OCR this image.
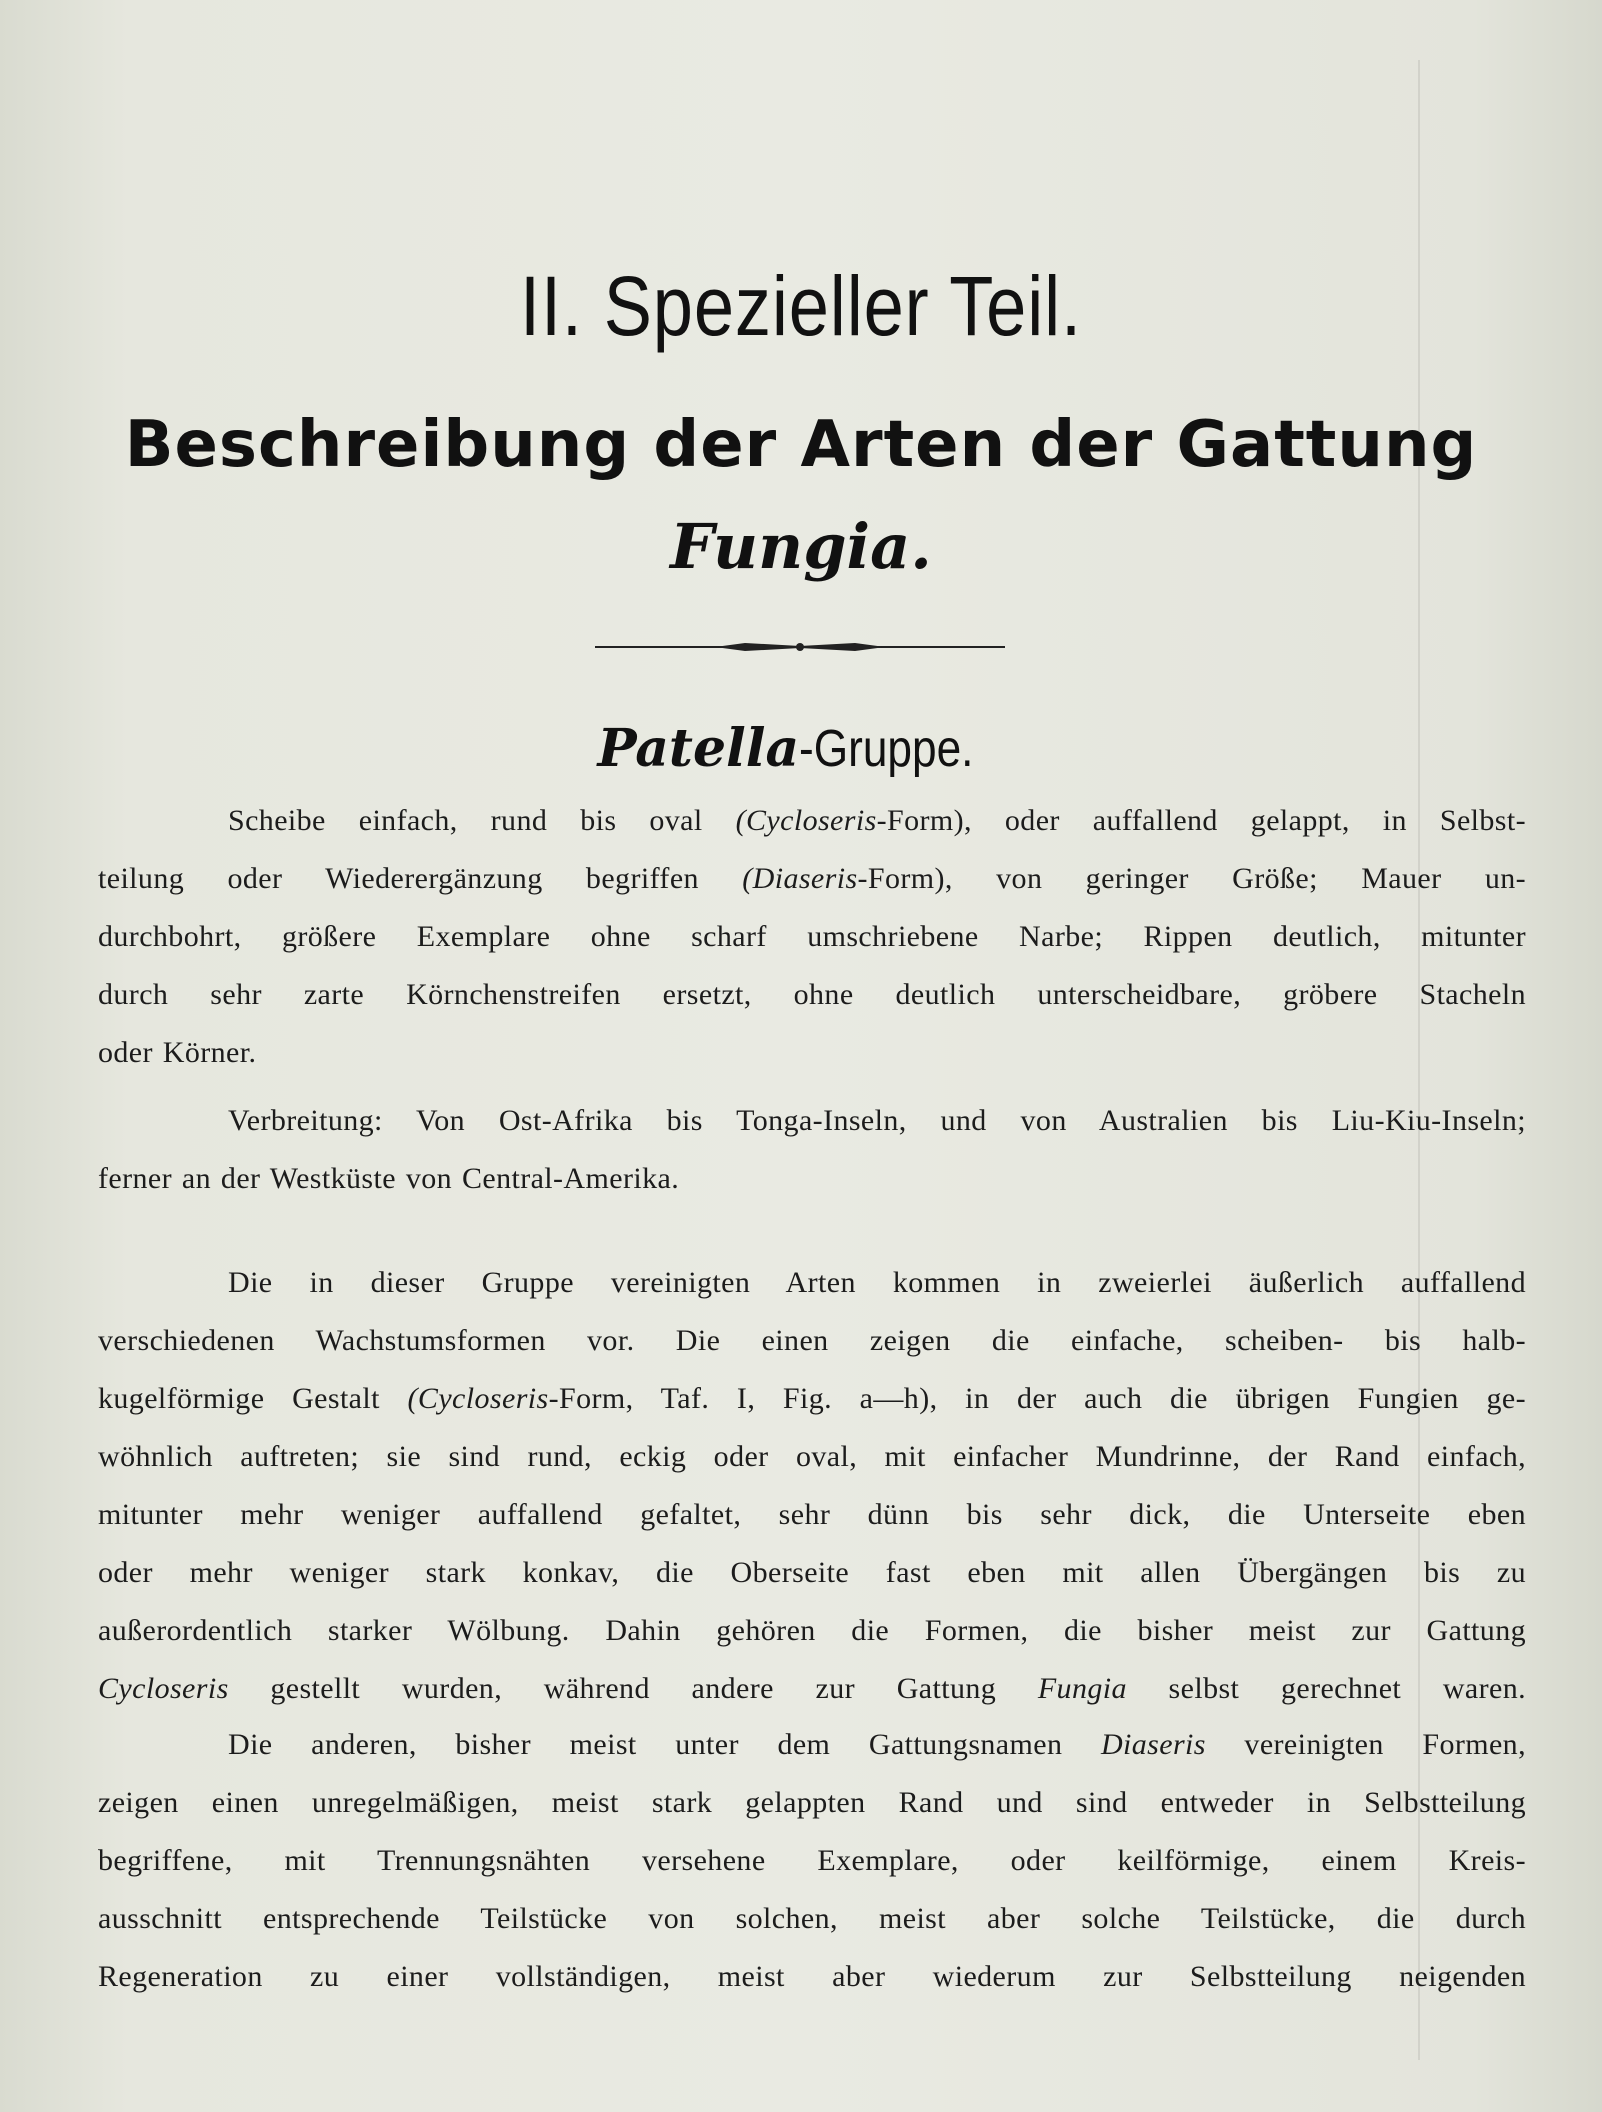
II. Spezieller Teil.
Beschreibung der Arten der Gattung
Fungia.
Patella-Gruppe.
Scheibe einfach, rund bis oval (Cycloseris-Form), oder auffallend gelappt, in Selbst-
teilung oder Wiederergänzung begriffen (Diaseris-Form), von geringer Größe; Mauer un-
durchbohrt, größere Exemplare ohne scharf umschriebene Narbe; Rippen deutlich, mitunter
durch sehr zarte Körnchenstreifen ersetzt, ohne deutlich unterscheidbare, gröbere Stacheln
oder Körner.
Verbreitung: Von Ost-Afrika bis Tonga-Inseln, und von Australien bis Liu-Kiu-Inseln;
ferner an der Westküste von Central-Amerika.
Die in dieser Gruppe vereinigten Arten kommen in zweierlei äußerlich auffallend
verschiedenen Wachstumsformen vor. Die einen zeigen die einfache, scheiben- bis halb-
kugelförmige Gestalt (Cycloseris-Form, Taf. I, Fig. a—h), in der auch die übrigen Fungien ge-
wöhnlich auftreten; sie sind rund, eckig oder oval, mit einfacher Mundrinne, der Rand einfach,
mitunter mehr weniger auffallend gefaltet, sehr dünn bis sehr dick, die Unterseite eben
oder mehr weniger stark konkav, die Oberseite fast eben mit allen Übergängen bis zu
außerordentlich starker Wölbung. Dahin gehören die Formen, die bisher meist zur Gattung
Cycloseris gestellt wurden, während andere zur Gattung Fungia selbst gerechnet waren.
Die anderen, bisher meist unter dem Gattungsnamen Diaseris vereinigten Formen,
zeigen einen unregelmäßigen, meist stark gelappten Rand und sind entweder in Selbstteilung
begriffene, mit Trennungsnähten versehene Exemplare, oder keilförmige, einem Kreis-
ausschnitt entsprechende Teilstücke von solchen, meist aber solche Teilstücke, die durch
Regeneration zu einer vollständigen, meist aber wiederum zur Selbstteilung neigenden
